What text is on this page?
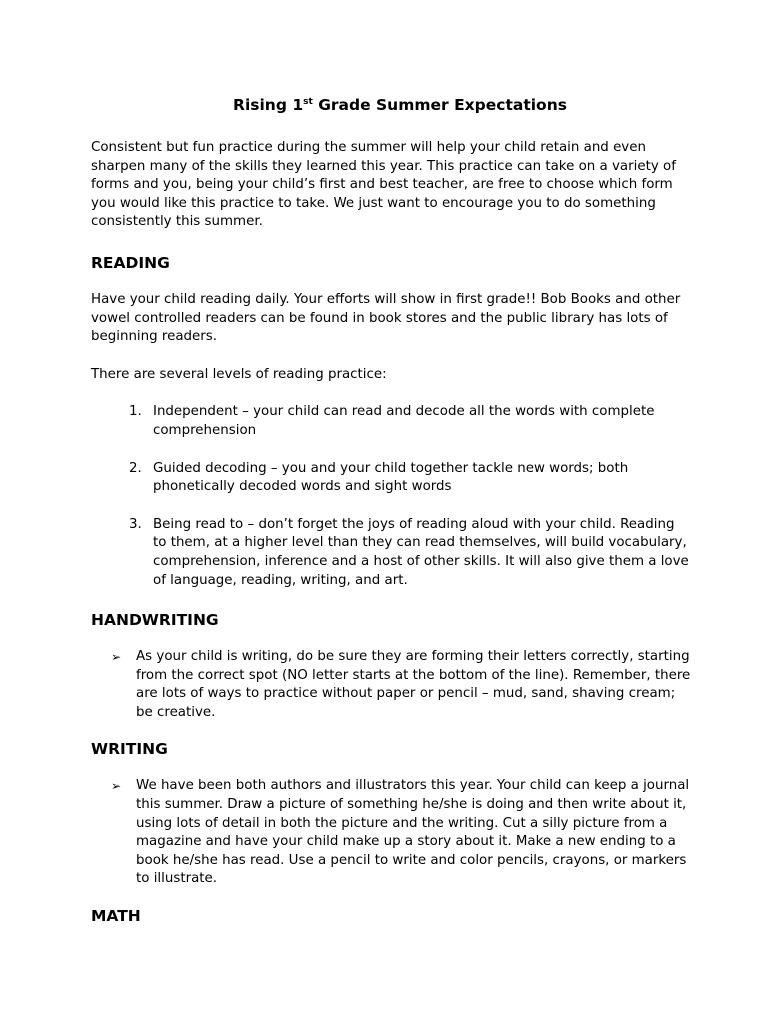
Rising 1st Grade Summer Expectations

Consistent but fun practice during the summer will help your child retain and even sharpen many of the skills they learned this year. This practice can take on a variety of forms and you, being your child’s first and best teacher, are free to choose which form you would like this practice to take. We just want to encourage you to do something consistently this summer.

READING

Have your child reading daily. Your efforts will show in first grade!! Bob Books and other vowel controlled readers can be found in book stores and the public library has lots of beginning readers.

There are several levels of reading practice:

1. Independent – your child can read and decode all the words with complete comprehension
2. Guided decoding – you and your child together tackle new words; both phonetically decoded words and sight words
3. Being read to – don’t forget the joys of reading aloud with your child. Reading to them, at a higher level than they can read themselves, will build vocabulary, comprehension, inference and a host of other skills. It will also give them a love of language, reading, writing, and art.
HANDWRITING
➢ As your child is writing, do be sure they are forming their letters correctly, starting from the correct spot (NO letter starts at the bottom of the line). Remember, there are lots of ways to practice without paper or pencil – mud, sand, shaving cream; be creative.
WRITING
➢ We have been both authors and illustrators this year. Your child can keep a journal this summer. Draw a picture of something he/she is doing and then write about it, using lots of detail in both the picture and the writing. Cut a silly picture from a magazine and have your child make up a story about it. Make a new ending to a book he/she has read. Use a pencil to write and color pencils, crayons, or markers to illustrate.
MATH
